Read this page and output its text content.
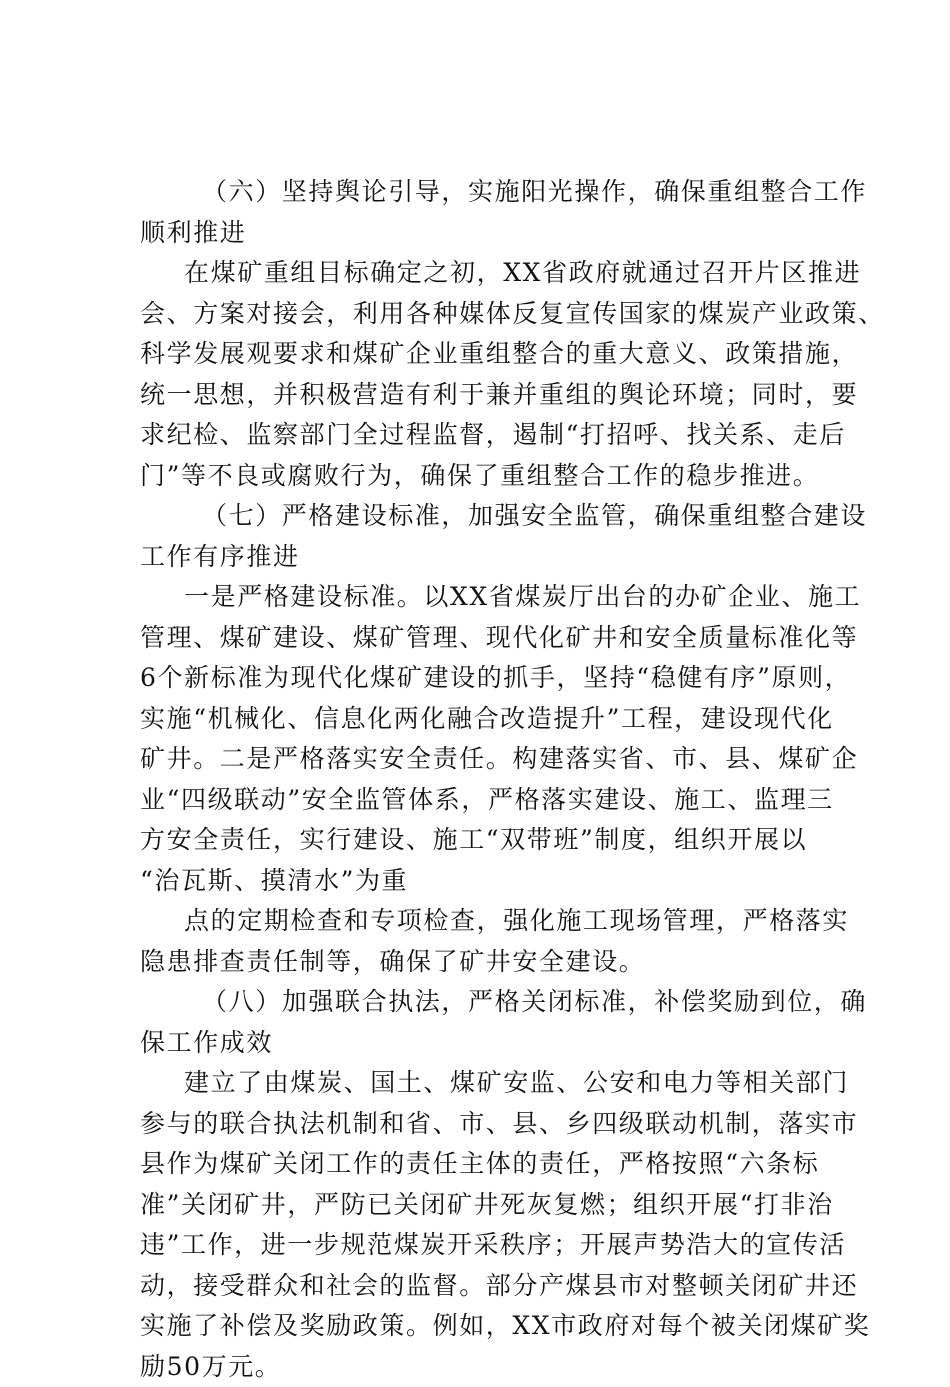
（六）坚持舆论引导，实施阳光操作，确保重组整合工作
顺利推进
在煤矿重组目标确定之初，XX省政府就通过召开片区推进
会、方案对接会，利用各种媒体反复宣传国家的煤炭产业政策、
科学发展观要求和煤矿企业重组整合的重大意义、政策措施，
统一思想，并积极营造有利于兼并重组的舆论环境；同时，要
求纪检、监察部门全过程监督，遏制“打招呼、找关系、走后
门”等不良或腐败行为，确保了重组整合工作的稳步推进。
（七）严格建设标准，加强安全监管，确保重组整合建设
工作有序推进
一是严格建设标准。以XX省煤炭厅出台的办矿企业、施工
管理、煤矿建设、煤矿管理、现代化矿井和安全质量标准化等
6个新标准为现代化煤矿建设的抓手，坚持“稳健有序”原则，
实施“机械化、信息化两化融合改造提升”工程，建设现代化
矿井。二是严格落实安全责任。构建落实省、市、县、煤矿企
业“四级联动”安全监管体系，严格落实建设、施工、监理三
方安全责任，实行建设、施工“双带班”制度，组织开展以
“治瓦斯、摸清水”为重
点的定期检查和专项检查，强化施工现场管理，严格落实
隐患排查责任制等，确保了矿井安全建设。
（八）加强联合执法，严格关闭标准，补偿奖励到位，确
保工作成效
建立了由煤炭、国土、煤矿安监、公安和电力等相关部门
参与的联合执法机制和省、市、县、乡四级联动机制，落实市
县作为煤矿关闭工作的责任主体的责任，严格按照“六条标
准”关闭矿井，严防已关闭矿井死灰复燃；组织开展“打非治
违”工作，进一步规范煤炭开采秩序；开展声势浩大的宣传活
动，接受群众和社会的监督。部分产煤县市对整顿关闭矿井还
实施了补偿及奖励政策。例如，XX市政府对每个被关闭煤矿奖
励50万元。
